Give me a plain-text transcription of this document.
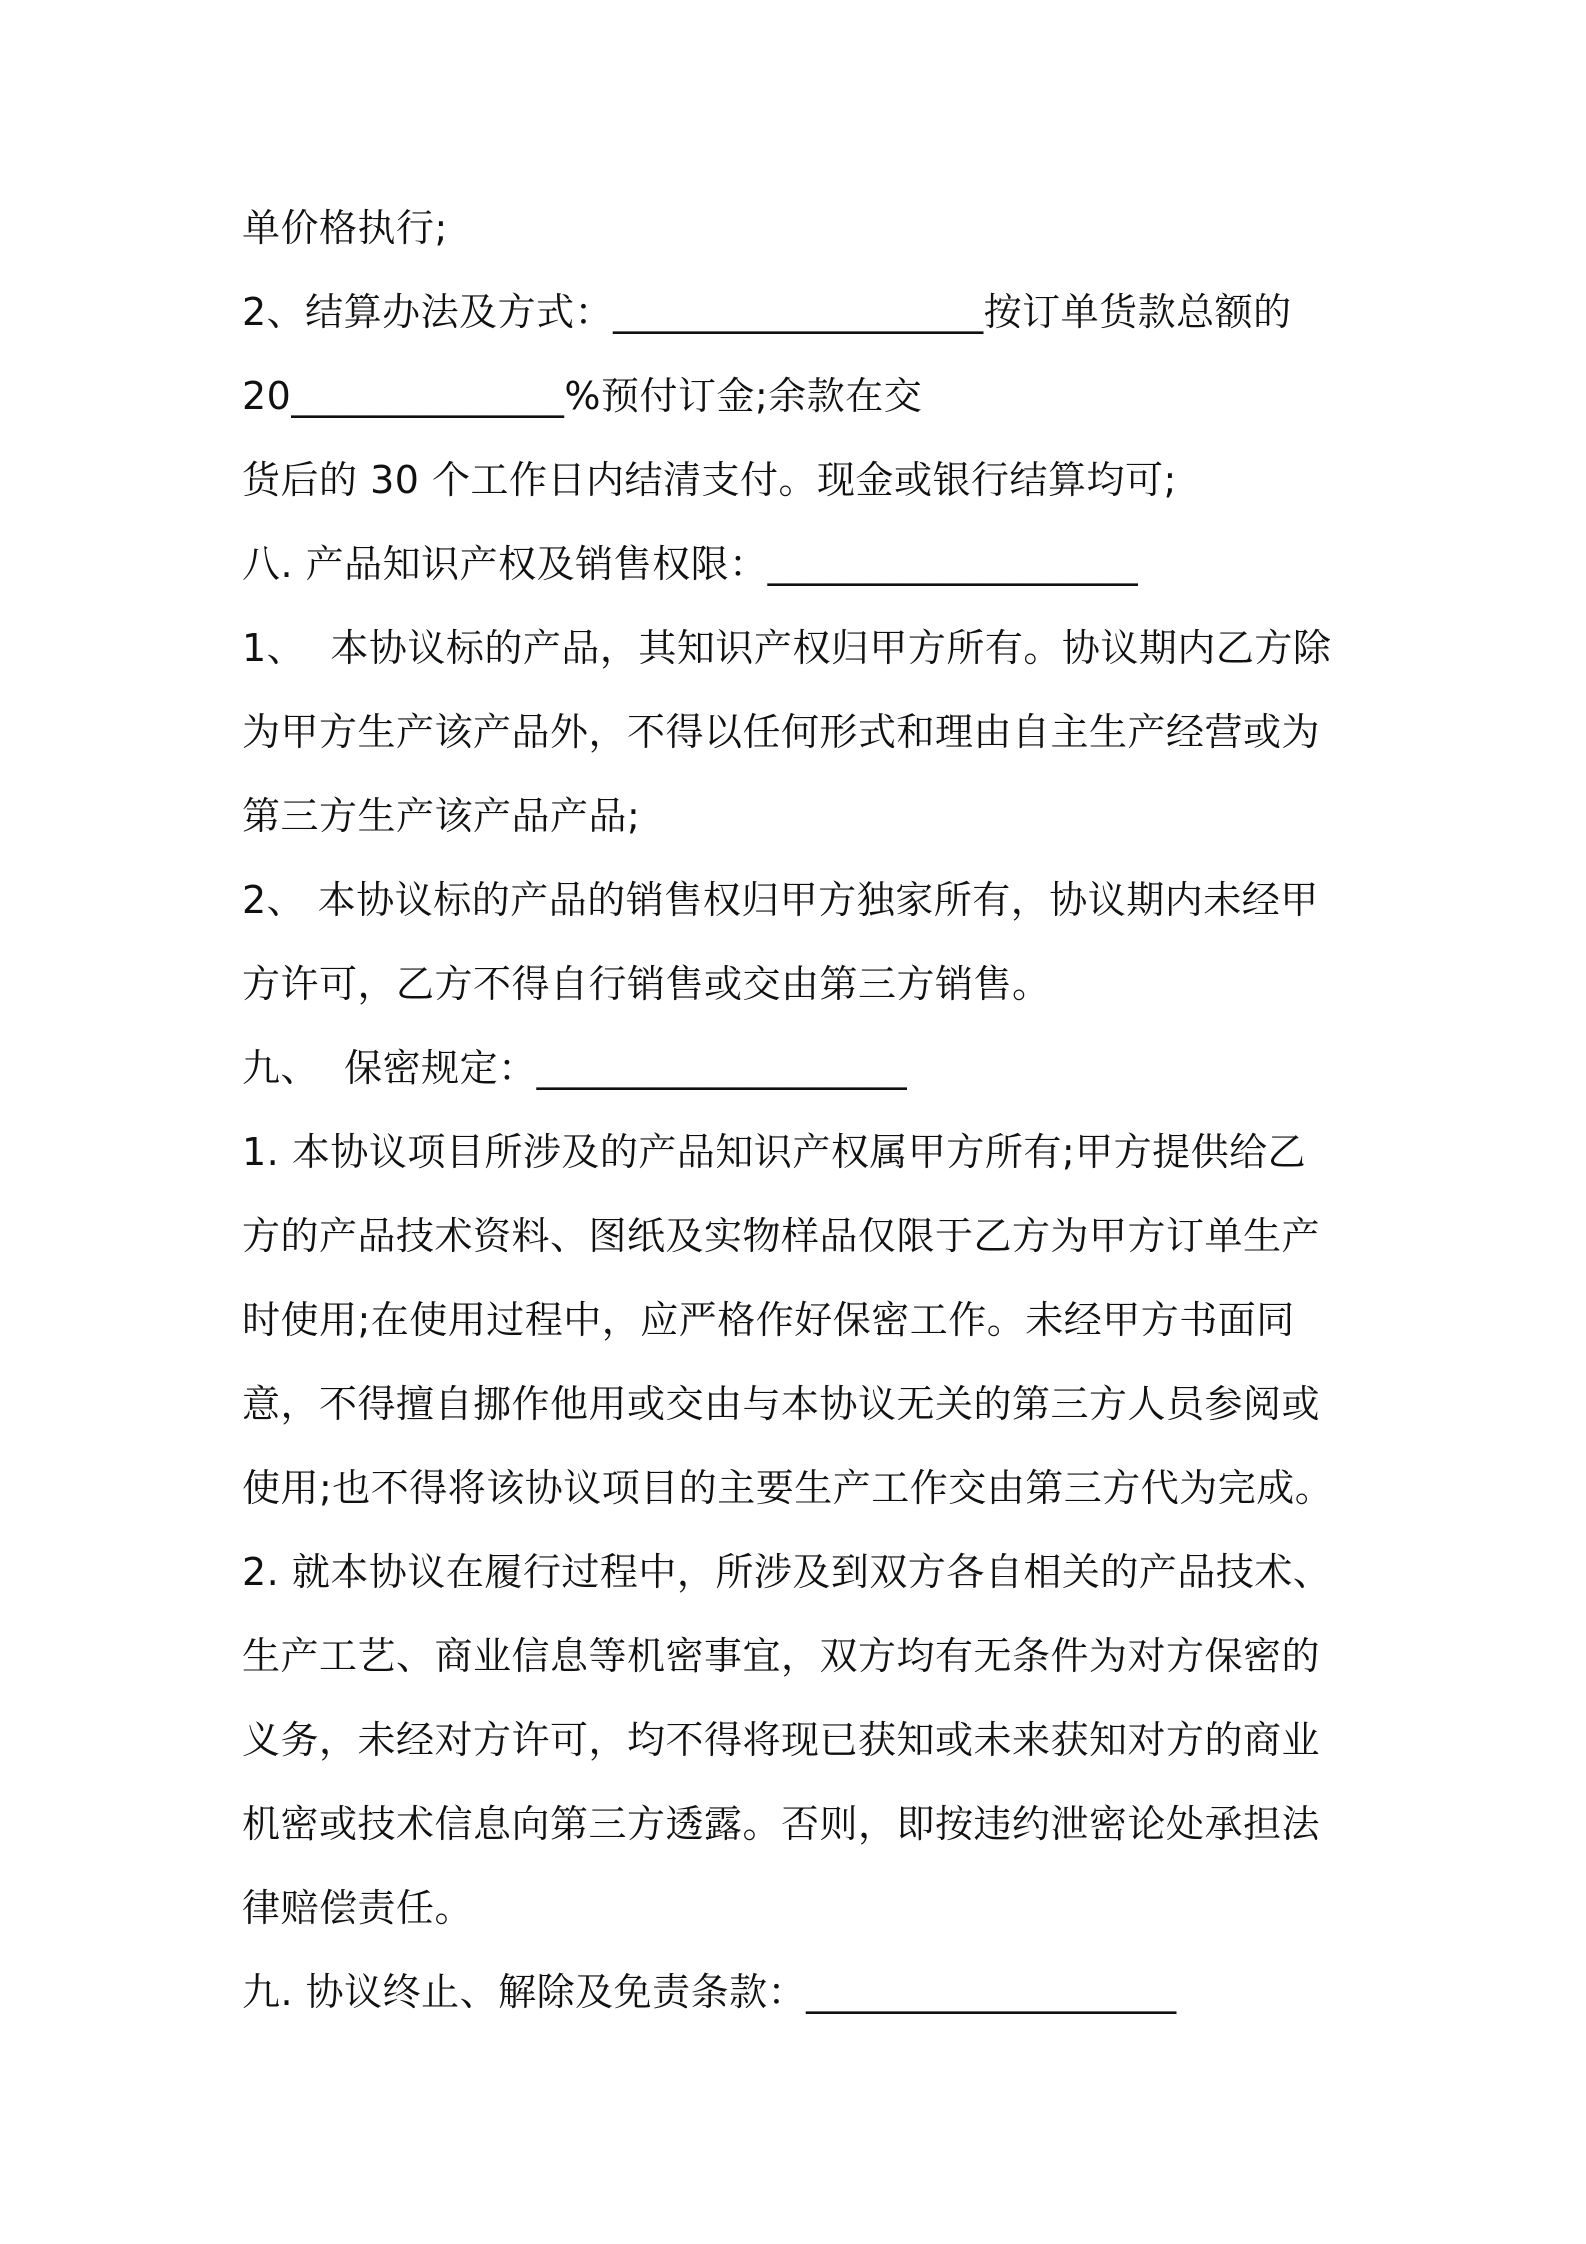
单价格执行;
2、结算办法及方式：___________________按订单货款总额的
20______________%预付订金;余款在交
货后的 30 个工作日内结清支付。现金或银行结算均可;
八. 产品知识产权及销售权限：___________________
1、  本协议标的产品，其知识产权归甲方所有。协议期内乙方除
为甲方生产该产品外，不得以任何形式和理由自主生产经营或为
第三方生产该产品产品;
2、 本协议标的产品的销售权归甲方独家所有，协议期内未经甲
方许可，乙方不得自行销售或交由第三方销售。
九、  保密规定：___________________
1. 本协议项目所涉及的产品知识产权属甲方所有;甲方提供给乙
方的产品技术资料、图纸及实物样品仅限于乙方为甲方订单生产
时使用;在使用过程中，应严格作好保密工作。未经甲方书面同
意，不得擅自挪作他用或交由与本协议无关的第三方人员参阅或
使用;也不得将该协议项目的主要生产工作交由第三方代为完成。
2. 就本协议在履行过程中，所涉及到双方各自相关的产品技术、
生产工艺、商业信息等机密事宜，双方均有无条件为对方保密的
义务，未经对方许可，均不得将现已获知或未来获知对方的商业
机密或技术信息向第三方透露。否则，即按违约泄密论处承担法
律赔偿责任。
九. 协议终止、解除及免责条款：___________________
